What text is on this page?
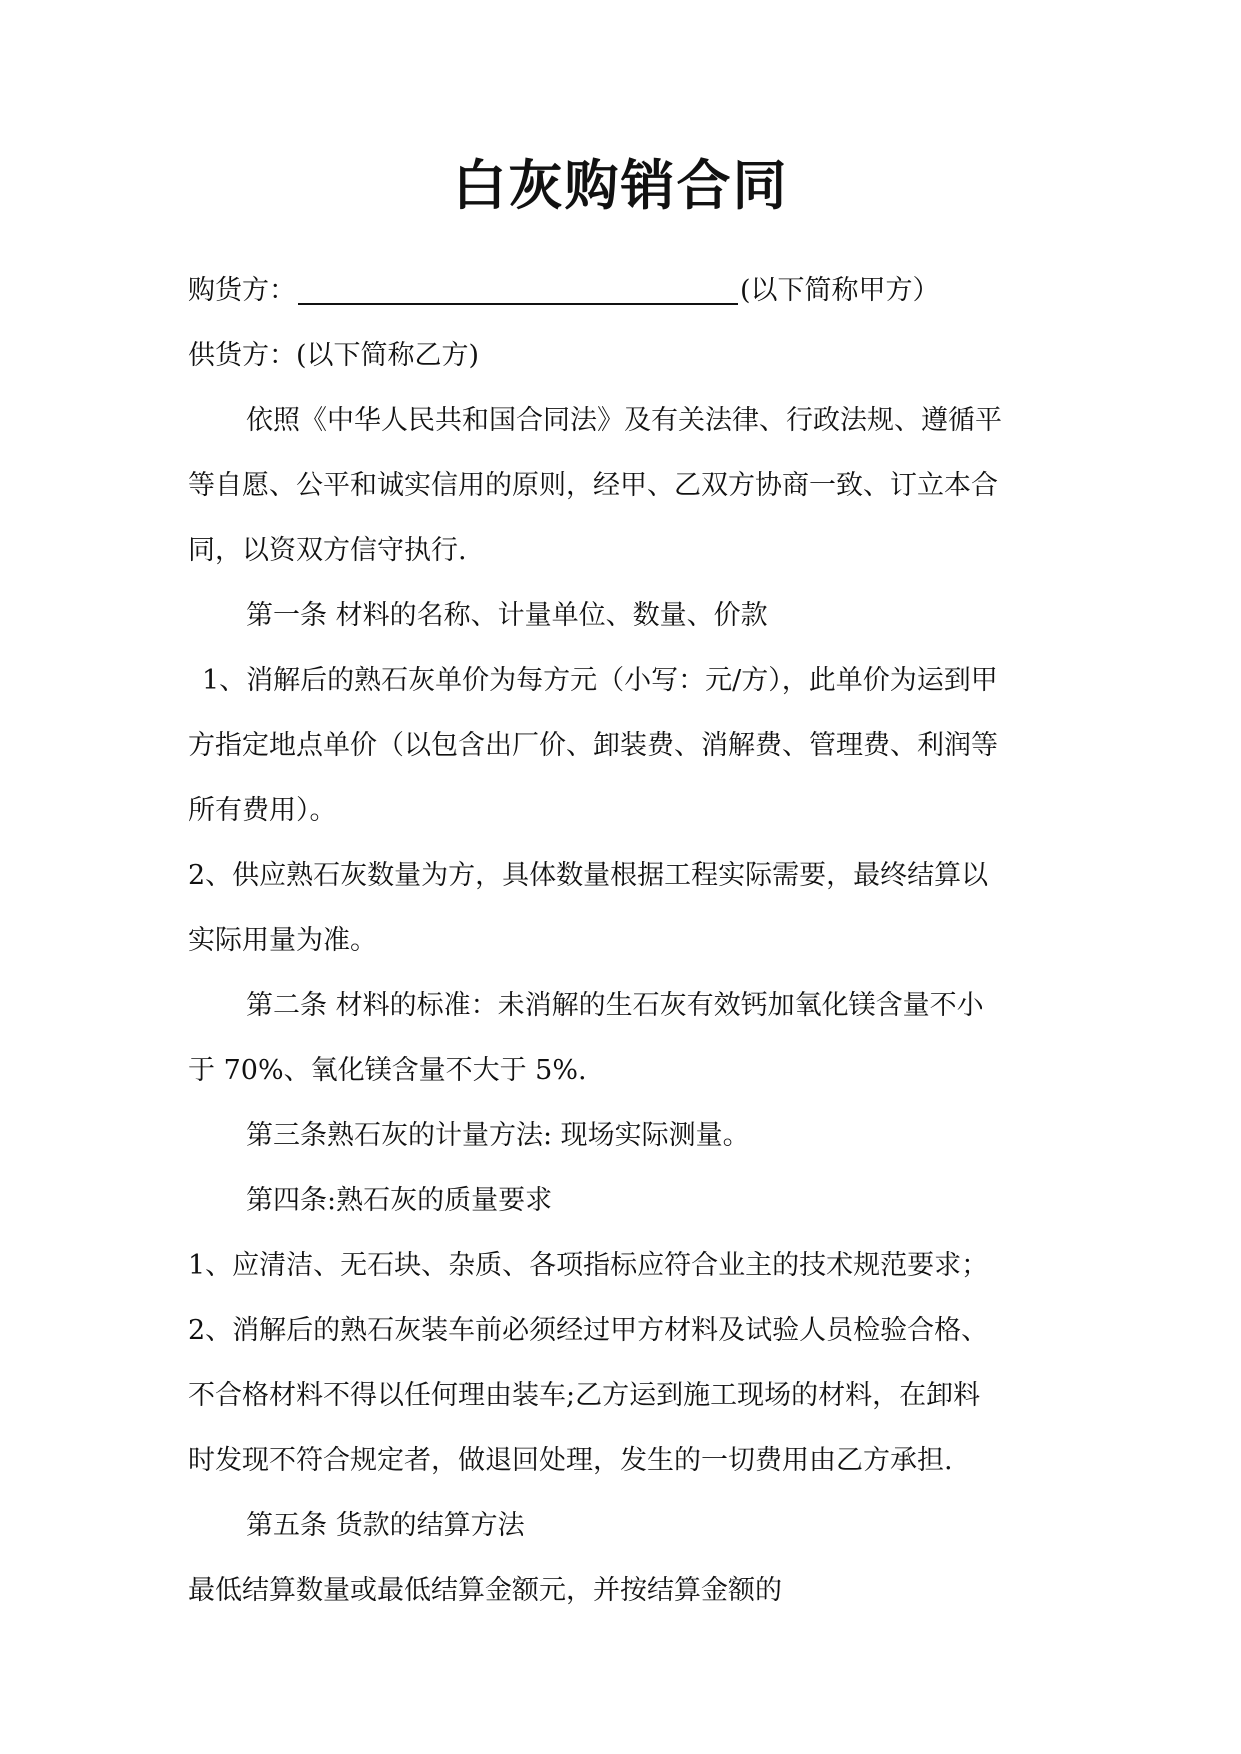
白灰购销合同
购货方：	(以下简称甲方）
供货方：(以下简称乙方)
依照《中华人民共和国合同法》及有关法律、行政法规、遵循平
等自愿、公平和诚实信用的原则，经甲、乙双方协商一致、订立本合
同，以资双方信守执行.
第一条 材料的名称、计量单位、数量、价款
1、消解后的熟石灰单价为每方元（小写：元/方），此单价为运到甲
方指定地点单价（以包含出厂价、卸装费、消解费、管理费、利润等
所有费用）。
2、供应熟石灰数量为方，具体数量根据工程实际需要，最终结算以
实际用量为准。
第二条 材料的标准：未消解的生石灰有效钙加氧化镁含量不小
于 70%、氧化镁含量不大于 5%.
第三条熟石灰的计量方法: 现场实际测量。
第四条:熟石灰的质量要求
1、应清洁、无石块、杂质、各项指标应符合业主的技术规范要求；
2、消解后的熟石灰装车前必须经过甲方材料及试验人员检验合格、
不合格材料不得以任何理由装车;乙方运到施工现场的材料，在卸料
时发现不符合规定者，做退回处理，发生的一切费用由乙方承担.
第五条 货款的结算方法
最低结算数量或最低结算金额元，并按结算金额的
